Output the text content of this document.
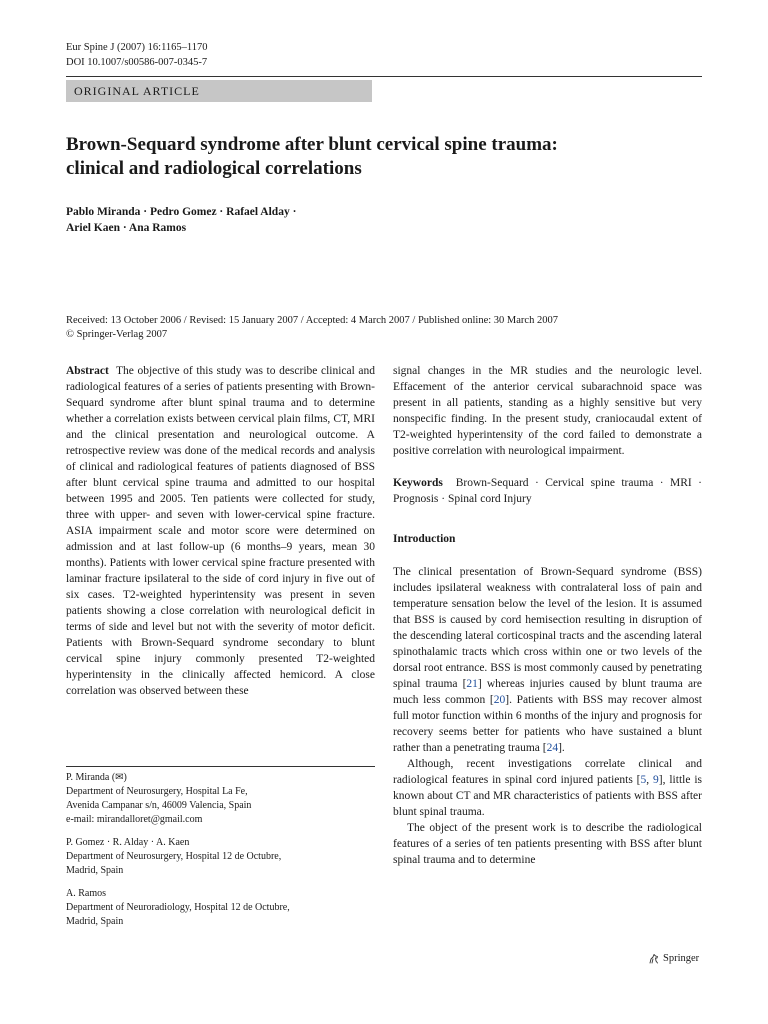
Eur Spine J (2007) 16:1165–1170
DOI 10.1007/s00586-007-0345-7
ORIGINAL ARTICLE
Brown-Sequard syndrome after blunt cervical spine trauma:
clinical and radiological correlations
Pablo Miranda · Pedro Gomez · Rafael Alday ·
Ariel Kaen · Ana Ramos
Received: 13 October 2006 / Revised: 15 January 2007 / Accepted: 4 March 2007 / Published online: 30 March 2007
© Springer-Verlag 2007

Abstract The objective of this study was to describe clinical and radiological features of a series of patients presenting with Brown-Sequard syndrome after blunt spinal trauma and to determine whether a correlation exists between cervical plain films, CT, MRI and the clinical presentation and neurological outcome. A retrospective review was done of the medical records and analysis of clinical and radiological features of patients diagnosed of BSS after blunt cervical spine trauma and admitted to our hospital between 1995 and 2005. Ten patients were collected for study, three with upper- and seven with lower-cervical spine fracture. ASIA impairment scale and motor score were determined on admission and at last follow-up (6 months–9 years, mean 30 months). Patients with lower cervical spine fracture presented with laminar fracture ipsilateral to the side of cord injury in five out of six cases. T2-weighted hyperintensity was present in seven patients showing a close correlation with neurological deficit in terms of side and level but not with the severity of motor deficit. Patients with Brown-Sequard syndrome secondary to blunt cervical spine injury commonly presented T2-weighted hyperintensity in the clinically affected hemicord. A close correlation was observed between these

P. Miranda (✉)
Department of Neurosurgery, Hospital La Fe,
Avenida Campanar s/n, 46009 Valencia, Spain
e-mail: mirandalloret@gmail.com
P. Gomez · R. Alday · A. Kaen
Department of Neurosurgery, Hospital 12 de Octubre,
Madrid, Spain
A. Ramos
Department of Neuroradiology, Hospital 12 de Octubre,
Madrid, Spain

signal changes in the MR studies and the neurologic level. Effacement of the anterior cervical subarachnoid space was present in all patients, standing as a highly sensitive but very nonspecific finding. In the present study, craniocaudal extent of T2-weighted hyperintensity of the cord failed to demonstrate a positive correlation with neurological impairment.

Keywords Brown-Sequard · Cervical spine trauma · MRI · Prognosis · Spinal cord Injury

Introduction

The clinical presentation of Brown-Sequard syndrome (BSS) includes ipsilateral weakness with contralateral loss of pain and temperature sensation below the level of the lesion. It is assumed that BSS is caused by cord hemisection resulting in disruption of the descending lateral corticospinal tracts and the ascending lateral spinothalamic tracts which cross within one or two levels of the dorsal root entrance. BSS is most commonly caused by penetrating spinal trauma [21] whereas injuries caused by blunt trauma are much less common [20]. Patients with BSS may recover almost full motor function within 6 months of the injury and prognosis for recovery seems better for patients who have sustained a blunt rather than a penetrating trauma [24].

Although, recent investigations correlate clinical and radiological features in spinal cord injured patients [5, 9], little is known about CT and MR characteristics of patients with BSS after blunt spinal trauma.

The object of the present work is to describe the radiological features of a series of ten patients presenting with BSS after blunt spinal trauma and to determine

Springer
